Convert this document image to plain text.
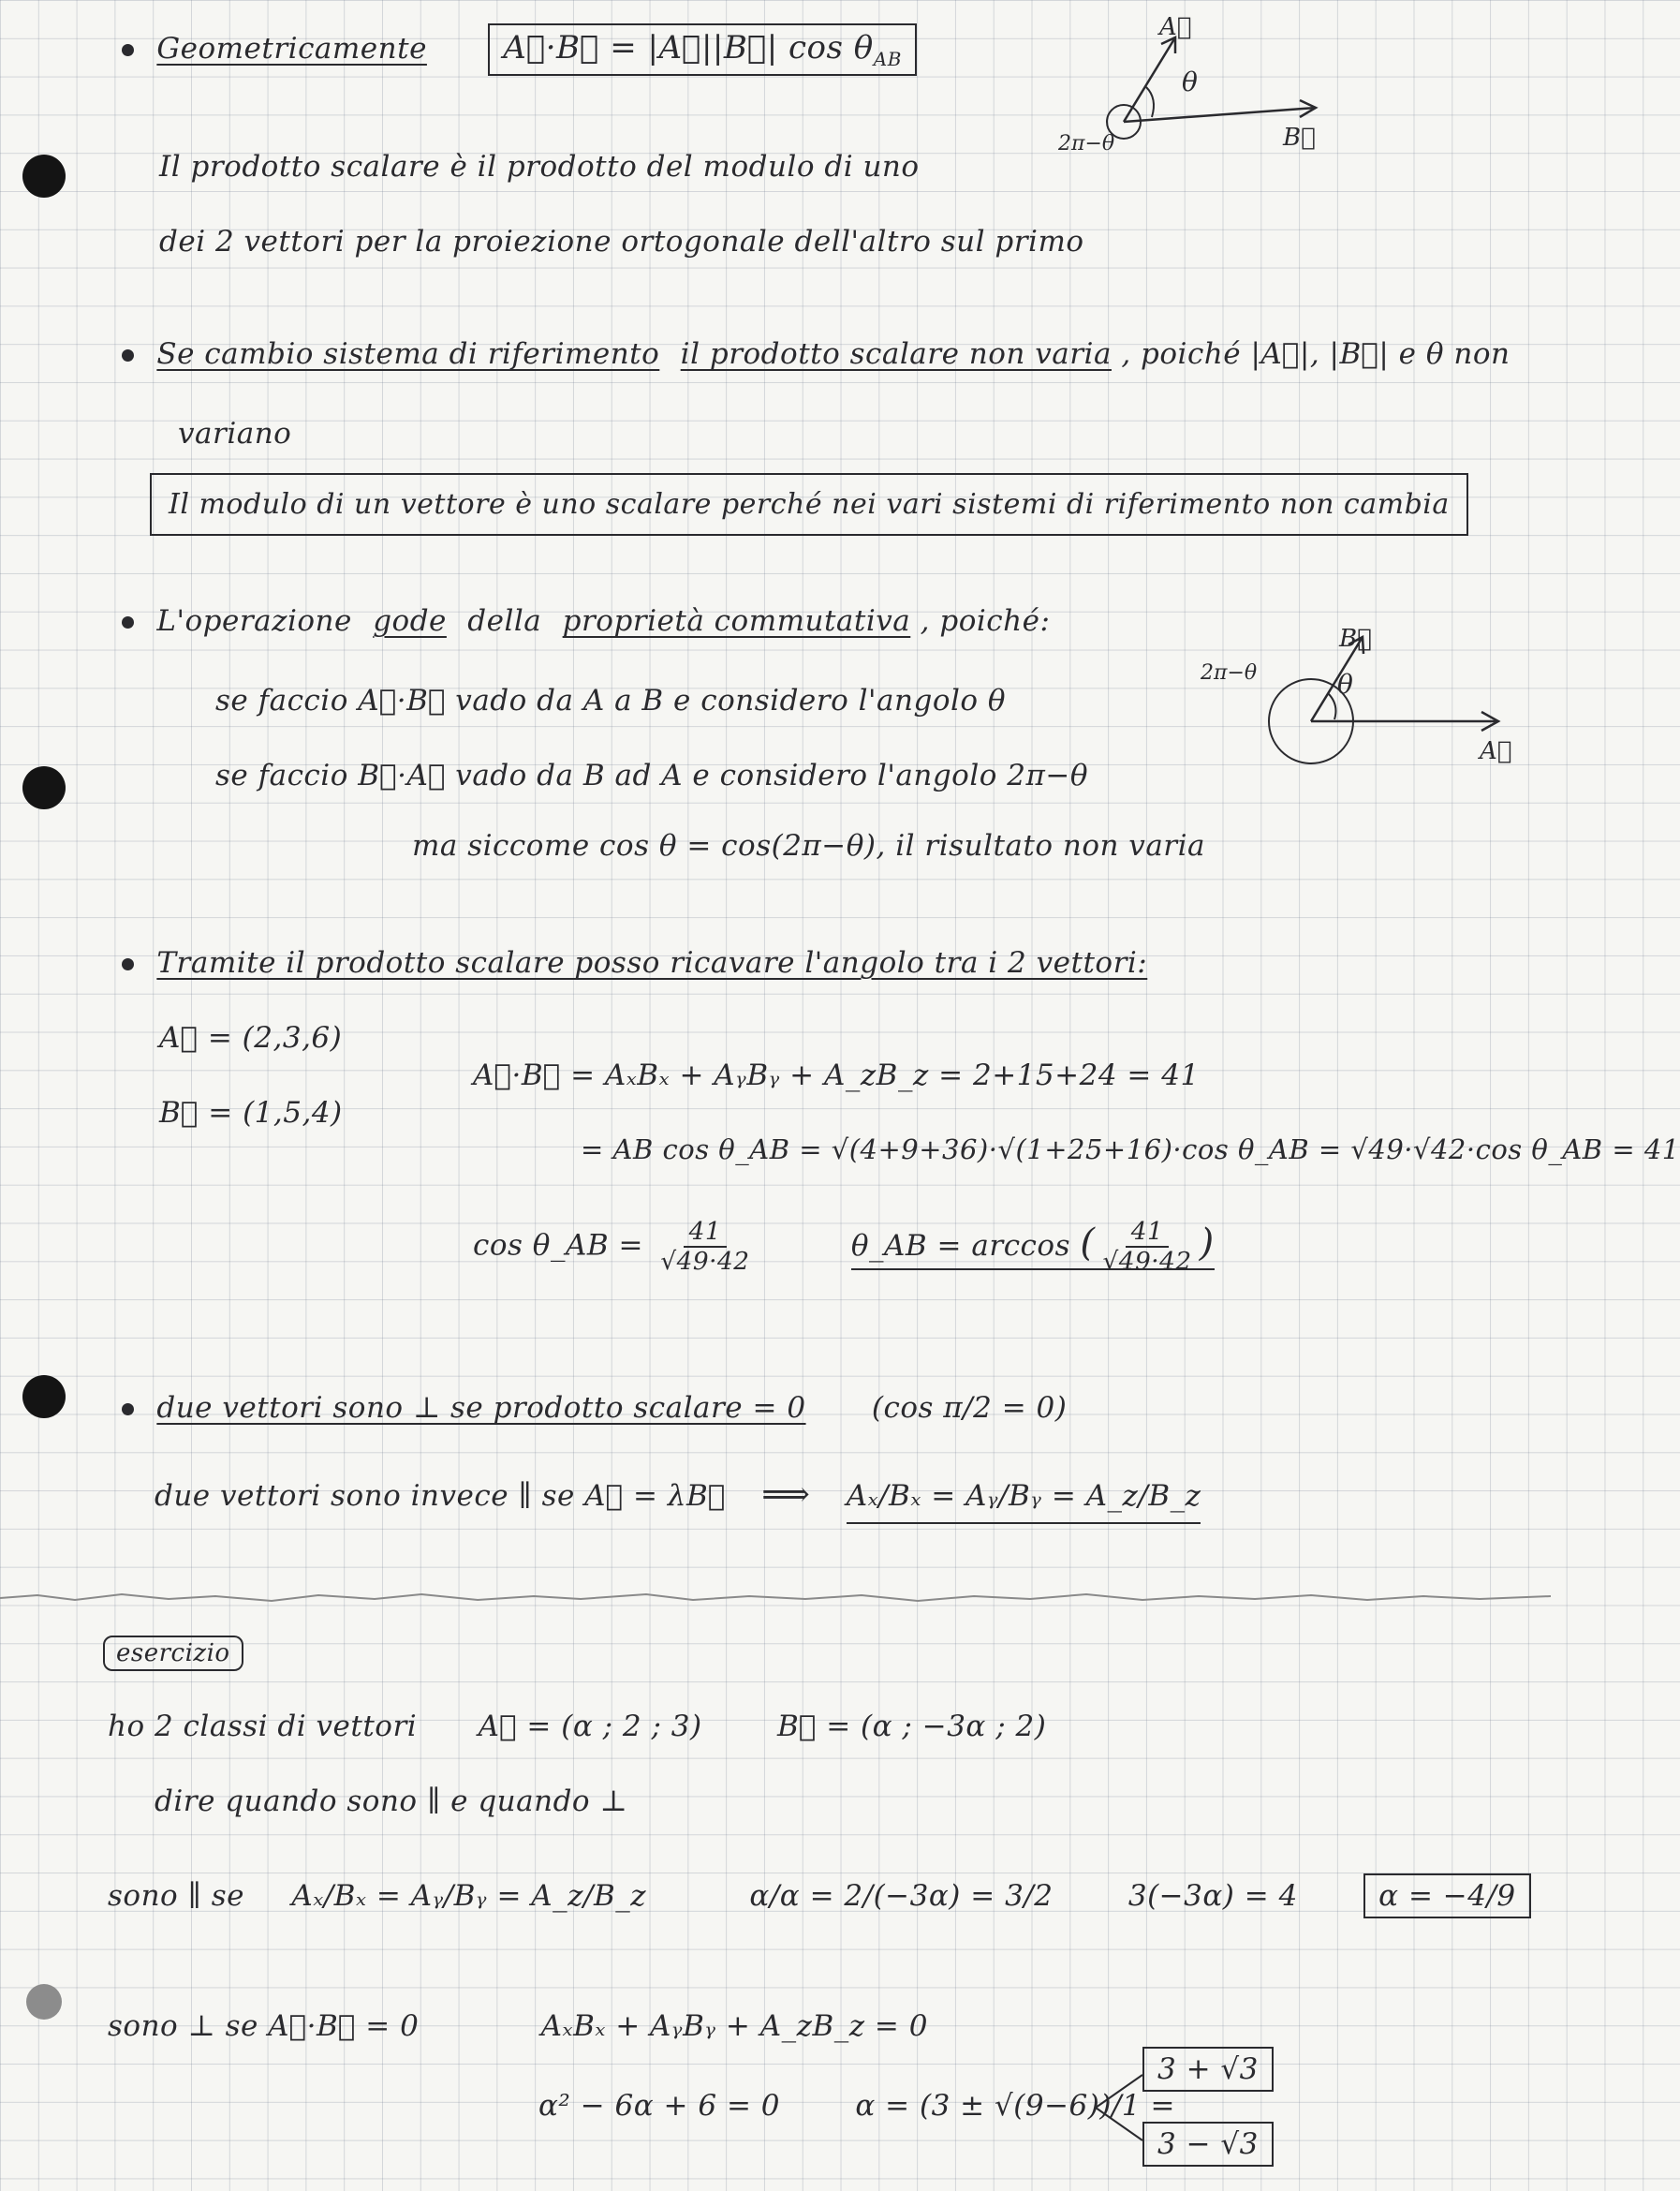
Geometricamente A⃗·B⃗ = |A⃗||B⃗| $\cos \theta_{AB}$
A⃗
B⃗
θ
2π−θ
Il prodotto scalare è il prodotto del modulo di uno
dei 2 vettori per la proiezione ortogonale dell'altro sul primo
Se cambio sistema di riferimento il prodotto scalare non varia , poiché |A⃗|, |B⃗| e θ non
variano
Il modulo di un vettore è uno scalare perché nei vari sistemi di riferimento non cambia
L'operazione gode della proprietà commutativa , poiché:
se faccio A⃗·B⃗ vado da A a B e considero l'angolo θ
se faccio B⃗·A⃗ vado da B ad A e considero l'angolo 2π−θ
ma siccome cos θ = cos(2π−θ), il risultato non varia
B⃗
A⃗
θ
2π−θ
Tramite il prodotto scalare posso ricavare l'angolo tra i 2 vettori:
A⃗ = (2,3,6)
B⃗ = (1,5,4)
A⃗·B⃗ = AₓBₓ + AᵧBᵧ + A_zB_z = 2+15+24 = 41
= AB cos θ_AB = √(4+9+36)·√(1+25+16)·cos θ_AB = √49·√42·cos θ_AB = 41
cos θ_AB = $\frac{41}{√49\cdot 42}$	θ_AB = arccos ( $\frac{41}{√49\cdot 42}$ )
due vettori sono ⊥ se prodotto scalare = 0 (cos π/2 = 0)
due vettori sono invece ∥ se A⃗ = λB⃗ ⟹ Aₓ/Bₓ = Aᵧ/Bᵧ = A_z/B_z
esercizio
ho 2 classi di vettori A⃗ = (α ; 2 ; 3)	B⃗ = (α ; −3α ; 2)
dire quando sono ∥ e quando ⊥
sono ∥ se Aₓ/Bₓ = Aᵧ/Bᵧ = A_z/B_z	α/α = 2/(−3α) = 3/2	3(−3α) = 4	α = −4/9
sono ⊥ se A⃗·B⃗ = 0	AₓBₓ + AᵧBᵧ + A_zB_z = 0
α² − 6α + 6 = 0	α = (3 ± √(9−6))/1 =
3 + √3
3 − √3
